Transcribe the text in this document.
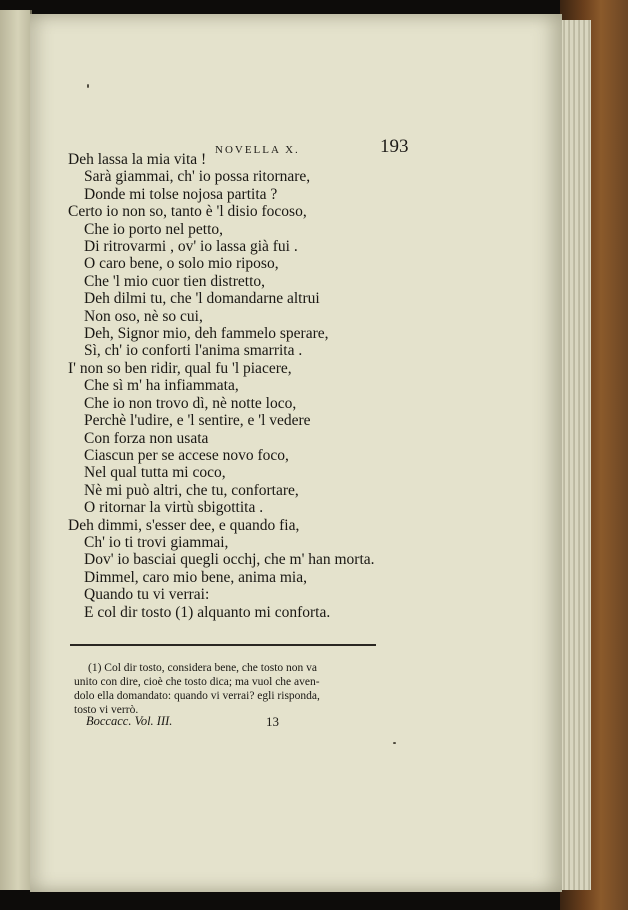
NOVELLA X.	193
Deh lassa la mia vita !
Sarà giammai, ch' io possa ritornare,
Donde mi tolse nojosa partita ?
Certo io non so, tanto è 'l disio focoso,
Che io porto nel petto,
Di ritrovarmi , ov' io lassa già fui .
O caro bene, o solo mio riposo,
Che 'l mio cuor tien distretto,
Deh dilmi tu, che 'l domandarne altrui
Non oso, nè so cui,
Deh, Signor mio, deh fammelo sperare,
Sì, ch' io conforti l'anima smarrita .
I' non so ben ridir, qual fu 'l piacere,
Che sì m' ha infiammata,
Che io non trovo dì, nè notte loco,
Perchè l'udire, e 'l sentire, e 'l vedere
Con forza non usata
Ciascun per se accese novo foco,
Nel qual tutta mi coco,
Nè mi può altri, che tu, confortare,
O ritornar la virtù sbigottita .
Deh dimmi, s'esser dee, e quando fia,
Ch' io ti trovi giammai,
Dov' io basciai quegli occhj, che m' han morta.
Dimmel, caro mio bene, anima mia,
Quando tu vi verrai:
E col dir tosto (1) alquanto mi conforta.
(1) Col dir tosto, considera bene, che tosto non va
unito con dire, cioè che tosto dica; ma vuol che aven-
dolo ella domandato: quando vi verrai? egli risponda,
tosto vi verrò.
Boccacc. Vol. III.	13
